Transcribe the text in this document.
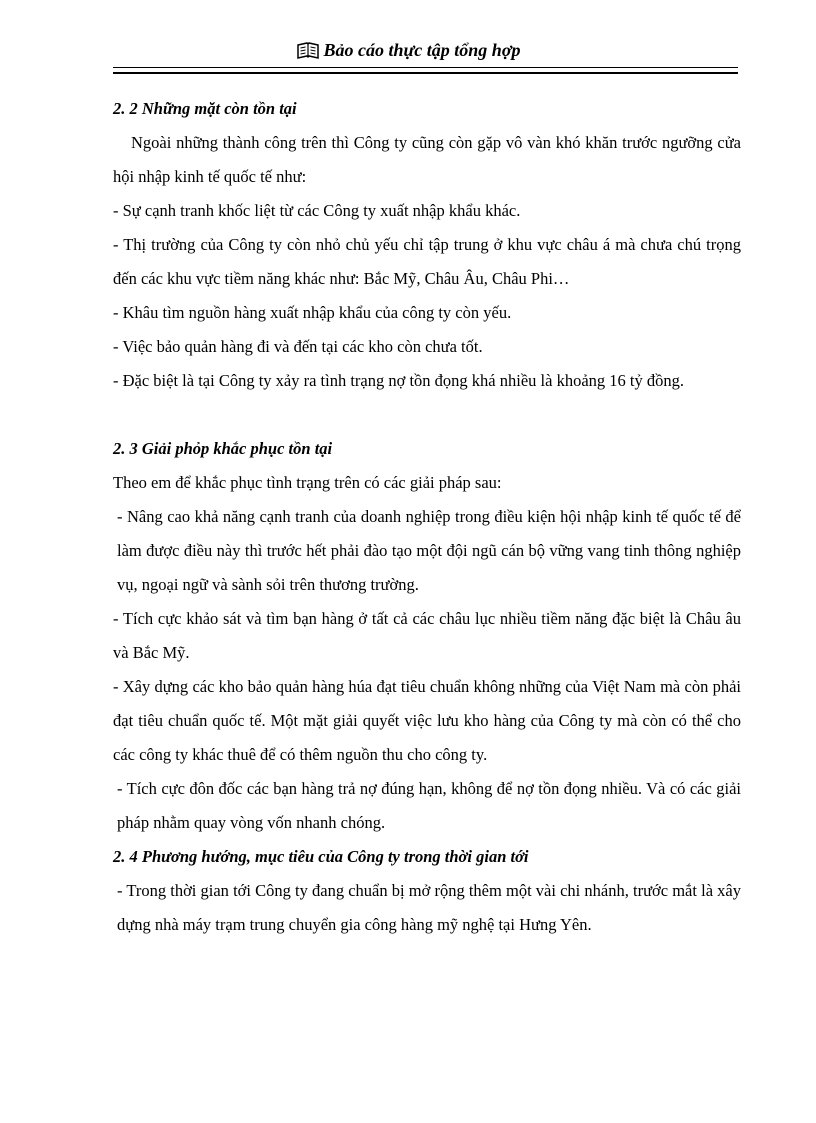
Bảo cáo thực tập tổng hợp

2. 2 Những mặt còn tồn tại

Ngoài những thành công trên thì Công ty cũng còn gặp vô vàn khó khăn trước ngưỡng cửa hội nhập kinh tế quốc tế như:

- Sự cạnh tranh khốc liệt từ các Công ty xuất nhập khẩu khác.

- Thị trường của Công ty còn nhỏ chủ yếu chỉ tập trung ở khu vực châu á mà chưa chú trọng đến các khu vực tiềm năng khác như: Bắc Mỹ, Châu Âu, Châu Phi…

- Khâu tìm nguồn hàng xuất nhập khẩu của công ty còn yếu.

- Việc bảo quản hàng đi và đến tại các kho còn chưa tốt.

- Đặc biệt là tại Công ty xảy ra tình trạng nợ tồn đọng khá nhiều là khoảng 16 tỷ đồng.

2. 3 Giải phỏp khắc phục tồn tại

Theo em để khắc phục tình trạng trên có các giải pháp sau:

- Nâng cao khả năng cạnh tranh của doanh nghiệp trong điều kiện hội nhập kinh tế quốc tế để làm được điều này thì trước hết phải đào tạo một đội ngũ cán bộ vững vang tinh thông nghiệp vụ, ngoại ngữ và sành sỏi trên thương trường.

- Tích cực khảo sát và tìm bạn hàng ở tất cả các châu lục nhiều tiềm năng đặc biệt là Châu âu và Bắc Mỹ.

- Xây dựng các kho bảo quản hàng húa đạt tiêu chuẩn không những của Việt Nam mà còn phải đạt tiêu chuẩn quốc tế. Một mặt giải quyết việc lưu kho hàng của Công ty mà còn có thể cho các công ty khác thuê để có thêm nguồn thu cho công ty.

- Tích cực đôn đốc các bạn hàng trả nợ đúng hạn, không để nợ tồn đọng nhiều. Và có các giải pháp nhằm quay vòng vốn nhanh chóng.

2. 4 Phương hướng, mục tiêu của Công ty trong thời gian tới

- Trong thời gian tới Công ty đang chuẩn bị mở rộng thêm một vài chi nhánh, trước mắt là xây dựng nhà máy trạm trung chuyển gia công hàng mỹ nghệ tại Hưng Yên.
